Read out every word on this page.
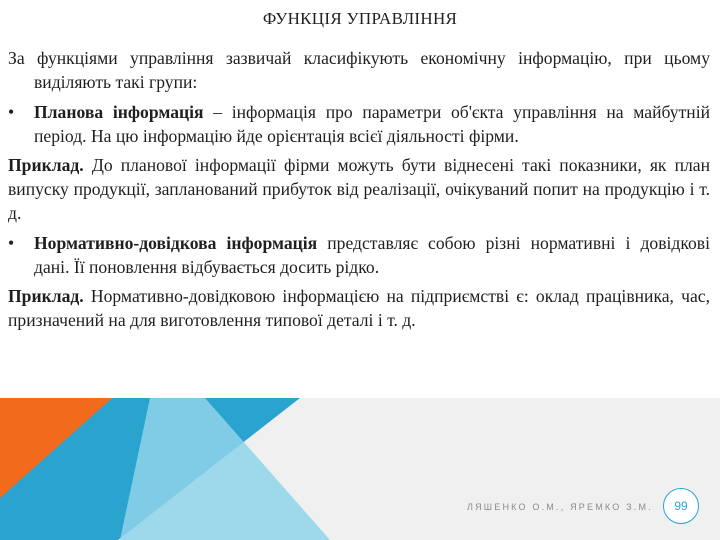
ФУНКЦІЯ УПРАВЛІННЯ

За функціями управління зазвичай класифікують економічну інформацію, при цьому виділяють такі групи:

• Планова інформація – інформація про параметри об'єкта управління на майбутній період. На цю інформацію йде орієнтація всієї діяльності фірми.

Приклад. До планової інформації фірми можуть бути віднесені такі показники, як план випуску продукції, запланований прибуток від реалізації, очікуваний попит на продукцію і т. д.

• Нормативно-довідкова інформація представляє собою різні нормативні і довідкові дані. Її поновлення відбувається досить рідко.

Приклад. Нормативно-довідковою інформацією на підприємстві є: оклад працівника, час, призначений на для виготовлення типової деталі і т. д.

ЛЯШЕНКО О.М., ЯРЕМКО З.М.	99
